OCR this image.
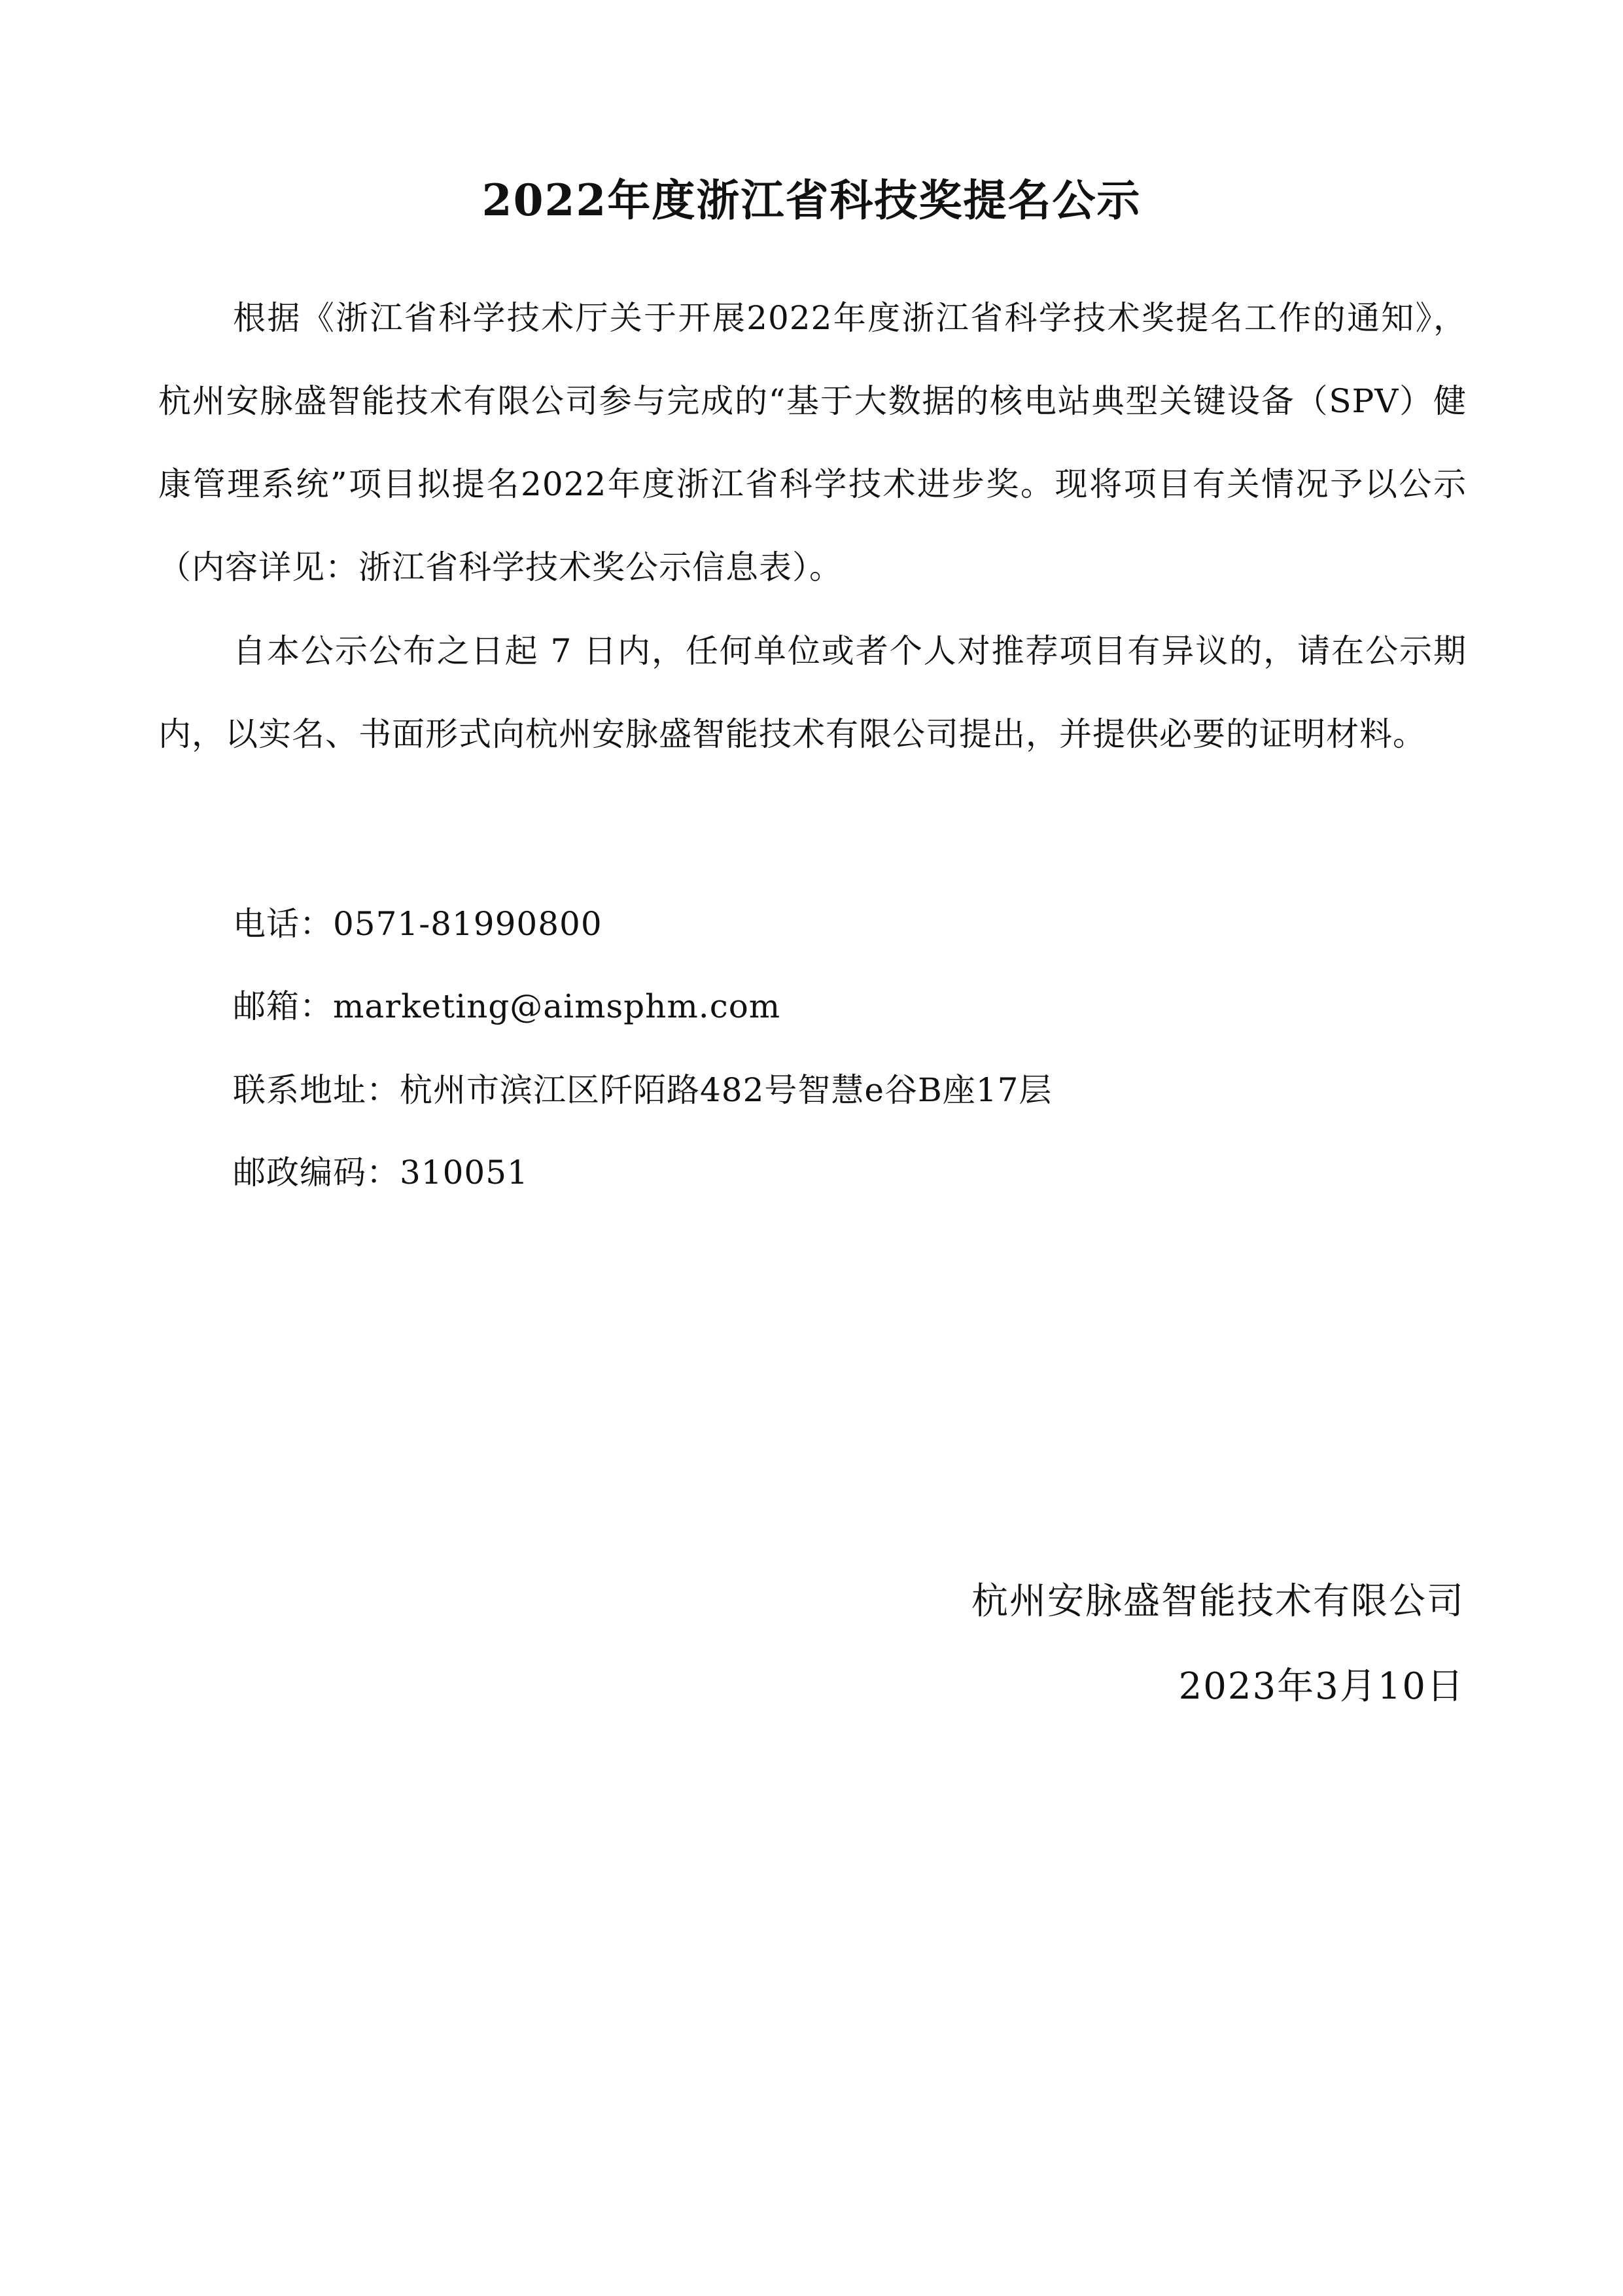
2022年度浙江省科技奖提名公示

根据《浙江省科学技术厅关于开展2022年度浙江省科学技术奖提名工作的通知》，杭州安脉盛智能技术有限公司参与完成的“基于大数据的核电站典型关键设备（SPV）健康管理系统”项目拟提名2022年度浙江省科学技术进步奖。现将项目有关情况予以公示（内容详见：浙江省科学技术奖公示信息表）。

自本公示公布之日起 7 日内，任何单位或者个人对推荐项目有异议的，请在公示期内，以实名、书面形式向杭州安脉盛智能技术有限公司提出，并提供必要的证明材料。

电话：0571-81990800
邮箱：marketing@aimsphm.com
联系地址：杭州市滨江区阡陌路482号智慧e谷B座17层
邮政编码：310051
杭州安脉盛智能技术有限公司
2023年3月10日
